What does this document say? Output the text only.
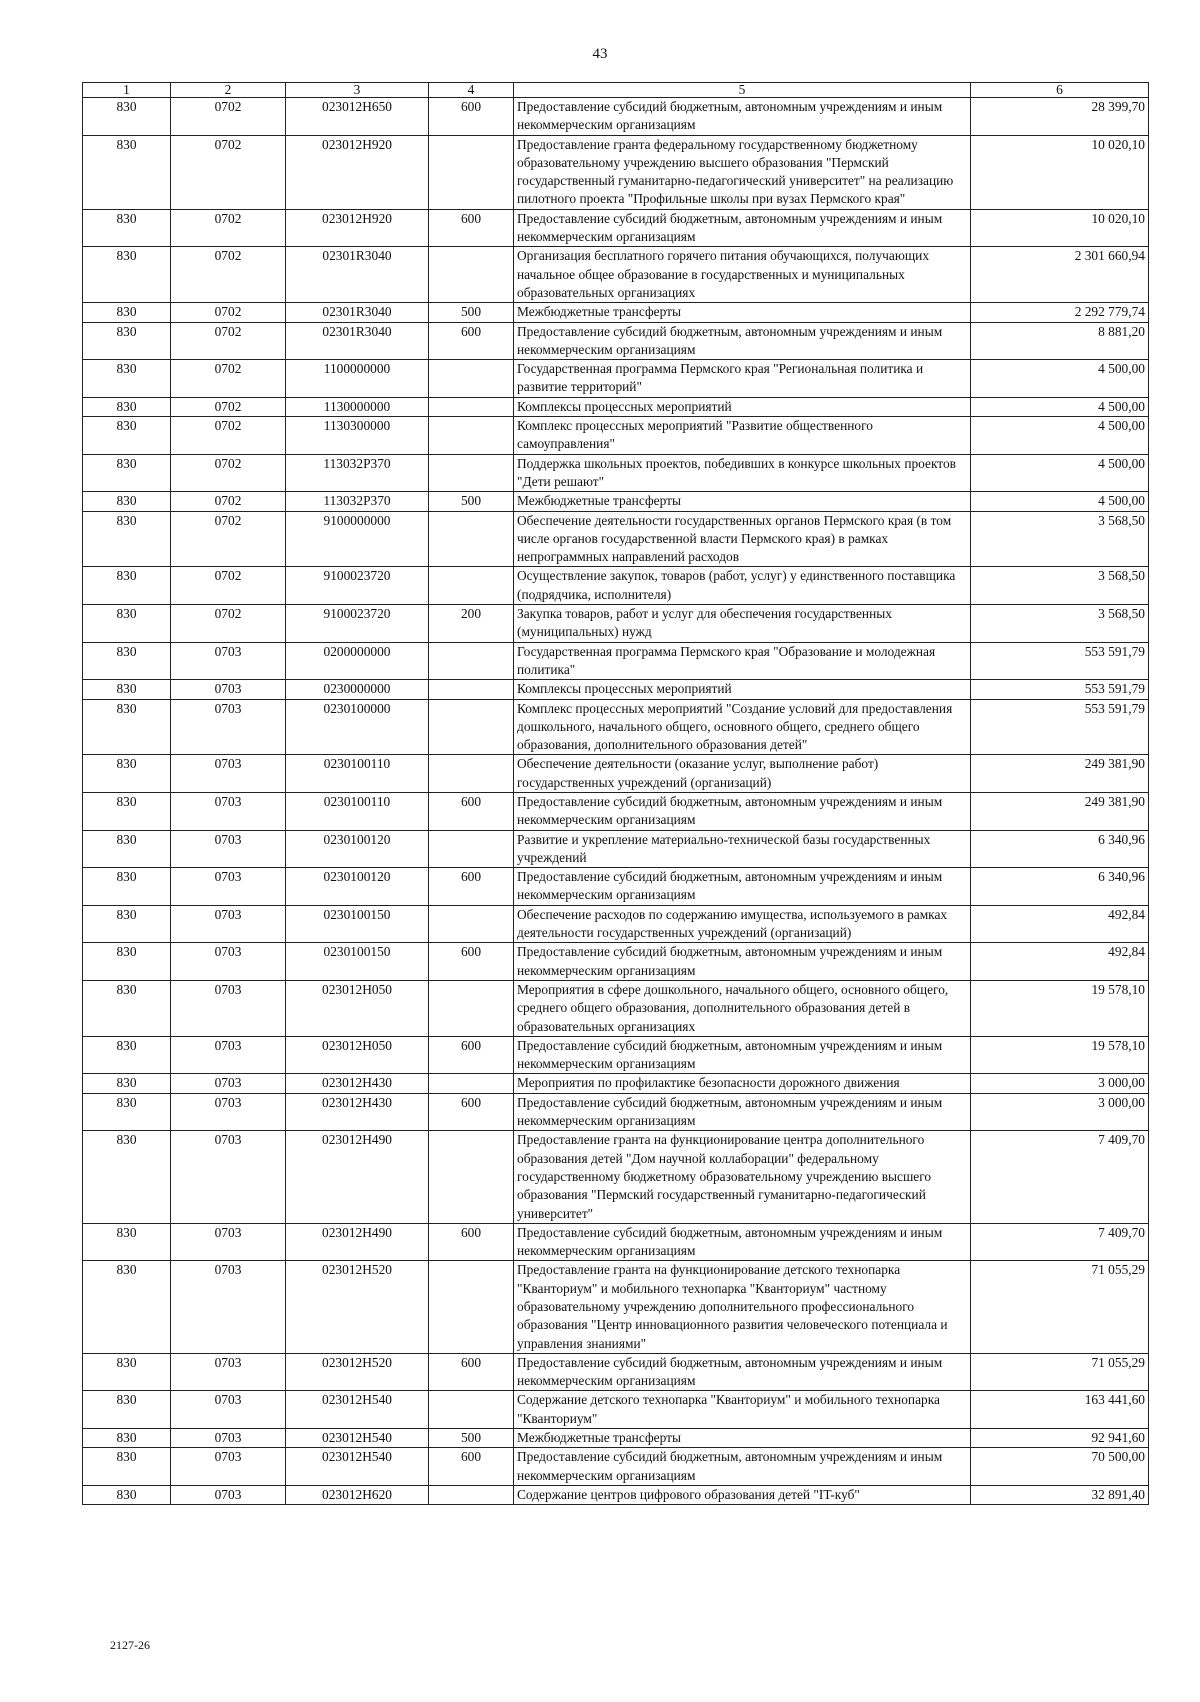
43
1	2	3	4	5	6
830	0702	023012Н650	600	Предоставление субсидий бюджетным, автономным учреждениям и иным некоммерческим организациям	28 399,70
830	0702	023012Н920		Предоставление гранта федеральному государственному бюджетному образовательному учреждению высшего образования "Пермский государственный гуманитарно-педагогический университет" на реализацию пилотного проекта "Профильные школы при вузах Пермского края"	10 020,10
830	0702	023012Н920	600	Предоставление субсидий бюджетным, автономным учреждениям и иным некоммерческим организациям	10 020,10
830	0702	02301R3040		Организация бесплатного горячего питания обучающихся, получающих начальное общее образование в государственных и муниципальных образовательных организациях	2 301 660,94
830	0702	02301R3040	500	Межбюджетные трансферты	2 292 779,74
830	0702	02301R3040	600	Предоставление субсидий бюджетным, автономным учреждениям и иным некоммерческим организациям	8 881,20
830	0702	1100000000		Государственная программа Пермского края "Региональная политика и развитие территорий"	4 500,00
830	0702	1130000000		Комплексы процессных мероприятий	4 500,00
830	0702	1130300000		Комплекс процессных мероприятий "Развитие общественного самоуправления"	4 500,00
830	0702	113032Р370		Поддержка школьных проектов, победивших в конкурсе школьных проектов "Дети решают"	4 500,00
830	0702	113032Р370	500	Межбюджетные трансферты	4 500,00
830	0702	9100000000		Обеспечение деятельности государственных органов Пермского края (в том числе органов государственной власти Пермского края) в рамках непрограммных направлений расходов	3 568,50
830	0702	9100023720		Осуществление закупок, товаров (работ, услуг) у единственного поставщика (подрядчика, исполнителя)	3 568,50
830	0702	9100023720	200	Закупка товаров, работ и услуг для обеспечения государственных (муниципальных) нужд	3 568,50
830	0703	0200000000		Государственная программа Пермского края "Образование и молодежная политика"	553 591,79
830	0703	0230000000		Комплексы процессных мероприятий	553 591,79
830	0703	0230100000		Комплекс процессных мероприятий "Создание условий для предоставления дошкольного, начального общего, основного общего, среднего общего образования, дополнительного образования детей"	553 591,79
830	0703	0230100110		Обеспечение деятельности (оказание услуг, выполнение работ) государственных учреждений (организаций)	249 381,90
830	0703	0230100110	600	Предоставление субсидий бюджетным, автономным учреждениям и иным некоммерческим организациям	249 381,90
830	0703	0230100120		Развитие и укрепление материально-технической базы государственных учреждений	6 340,96
830	0703	0230100120	600	Предоставление субсидий бюджетным, автономным учреждениям и иным некоммерческим организациям	6 340,96
830	0703	0230100150		Обеспечение расходов по содержанию имущества, используемого в рамках деятельности государственных учреждений (организаций)	492,84
830	0703	0230100150	600	Предоставление субсидий бюджетным, автономным учреждениям и иным некоммерческим организациям	492,84
830	0703	023012Н050		Мероприятия в сфере дошкольного, начального общего, основного общего, среднего общего образования, дополнительного образования детей в образовательных организациях	19 578,10
830	0703	023012Н050	600	Предоставление субсидий бюджетным, автономным учреждениям и иным некоммерческим организациям	19 578,10
830	0703	023012Н430		Мероприятия по профилактике безопасности дорожного движения	3 000,00
830	0703	023012Н430	600	Предоставление субсидий бюджетным, автономным учреждениям и иным некоммерческим организациям	3 000,00
830	0703	023012Н490		Предоставление гранта на функционирование центра дополнительного образования детей "Дом научной коллаборации" федеральному государственному бюджетному образовательному учреждению высшего образования "Пермский государственный гуманитарно-педагогический университет"	7 409,70
830	0703	023012Н490	600	Предоставление субсидий бюджетным, автономным учреждениям и иным некоммерческим организациям	7 409,70
830	0703	023012Н520		Предоставление гранта на функционирование детского технопарка "Кванториум" и мобильного технопарка "Кванториум" частному образовательному учреждению дополнительного профессионального образования "Центр инновационного развития человеческого потенциала и управления знаниями"	71 055,29
830	0703	023012Н520	600	Предоставление субсидий бюджетным, автономным учреждениям и иным некоммерческим организациям	71 055,29
830	0703	023012Н540		Содержание детского технопарка "Кванториум" и мобильного технопарка "Кванториум"	163 441,60
830	0703	023012Н540	500	Межбюджетные трансферты	92 941,60
830	0703	023012Н540	600	Предоставление субсидий бюджетным, автономным учреждениям и иным некоммерческим организациям	70 500,00
830	0703	023012Н620		Содержание центров цифрового образования детей "IT-куб"	32 891,40
2127-26
